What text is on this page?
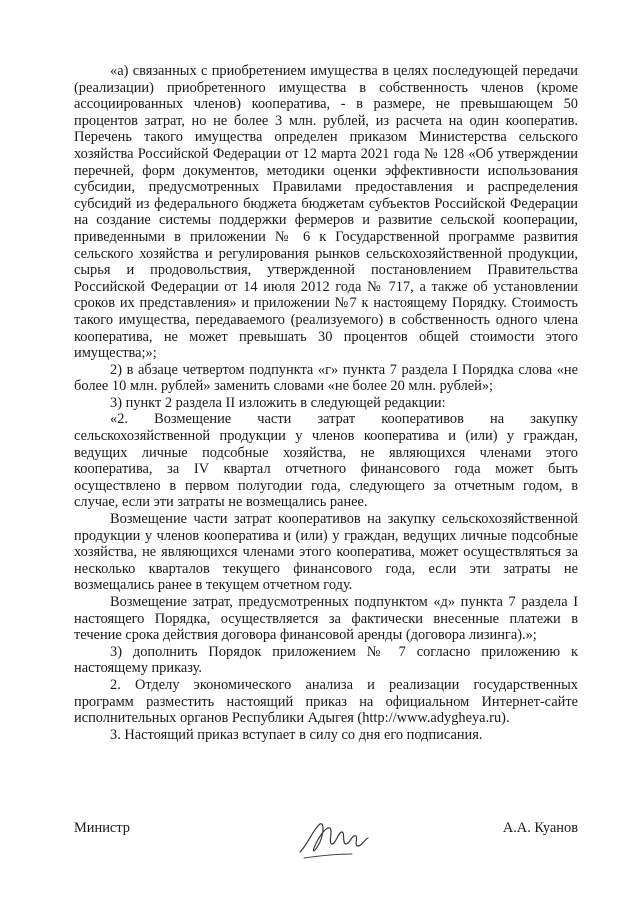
«а) связанных с приобретением имущества в целях последующей передачи (реализации) приобретенного имущества в собственность членов (кроме ассоциированных членов) кооператива, - в размере, не превышающем 50 процентов затрат, но не более 3 млн. рублей, из расчета на один кооператив. Перечень такого имущества определен приказом Министерства сельского хозяйства Российской Федерации от 12 марта 2021 года № 128 «Об утверждении перечней, форм документов, методики оценки эффективности использования субсидии, предусмотренных Правилами предоставления и распределения субсидий из федерального бюджета бюджетам субъектов Российской Федерации на создание системы поддержки фермеров и развитие сельской кооперации, приведенными в приложении № 6 к Государственной программе развития сельского хозяйства и регулирования рынков сельскохозяйственной продукции, сырья и продовольствия, утвержденной постановлением Правительства Российской Федерации от 14 июля 2012 года № 717, а также об установлении сроков их представления» и приложении №7 к настоящему Порядку. Стоимость такого имущества, передаваемого (реализуемого) в собственность одного члена кооператива, не может превышать 30 процентов общей стоимости этого имущества;»;

2) в абзаце четвертом подпункта «г» пункта 7 раздела I Порядка слова «не более 10 млн. рублей» заменить словами «не более 20 млн. рублей»;

3) пункт 2 раздела II изложить в следующей редакции:

«2. Возмещение части затрат кооперативов на закупку сельскохозяйственной продукции у членов кооператива и (или) у граждан, ведущих личные подсобные хозяйства, не являющихся членами этого кооператива, за IV квартал отчетного финансового года может быть осуществлено в первом полугодии года, следующего за отчетным годом, в случае, если эти затраты не возмещались ранее.

Возмещение части затрат кооперативов на закупку сельскохозяйственной продукции у членов кооператива и (или) у граждан, ведущих личные подсобные хозяйства, не являющихся членами этого кооператива, может осуществляться за несколько кварталов текущего финансового года, если эти затраты не возмещались ранее в текущем отчетном году.

Возмещение затрат, предусмотренных подпунктом «д» пункта 7 раздела I настоящего Порядка, осуществляется за фактически внесенные платежи в течение срока действия договора финансовой аренды (договора лизинга).»;

3) дополнить Порядок приложением № 7 согласно приложению к настоящему приказу.

2. Отделу экономического анализа и реализации государственных программ разместить настоящий приказ на официальном Интернет-сайте исполнительных органов Республики Адыгея (http://www.adygheya.ru).

3. Настоящий приказ вступает в силу со дня его подписания.

Министр	А.А. Куанов
